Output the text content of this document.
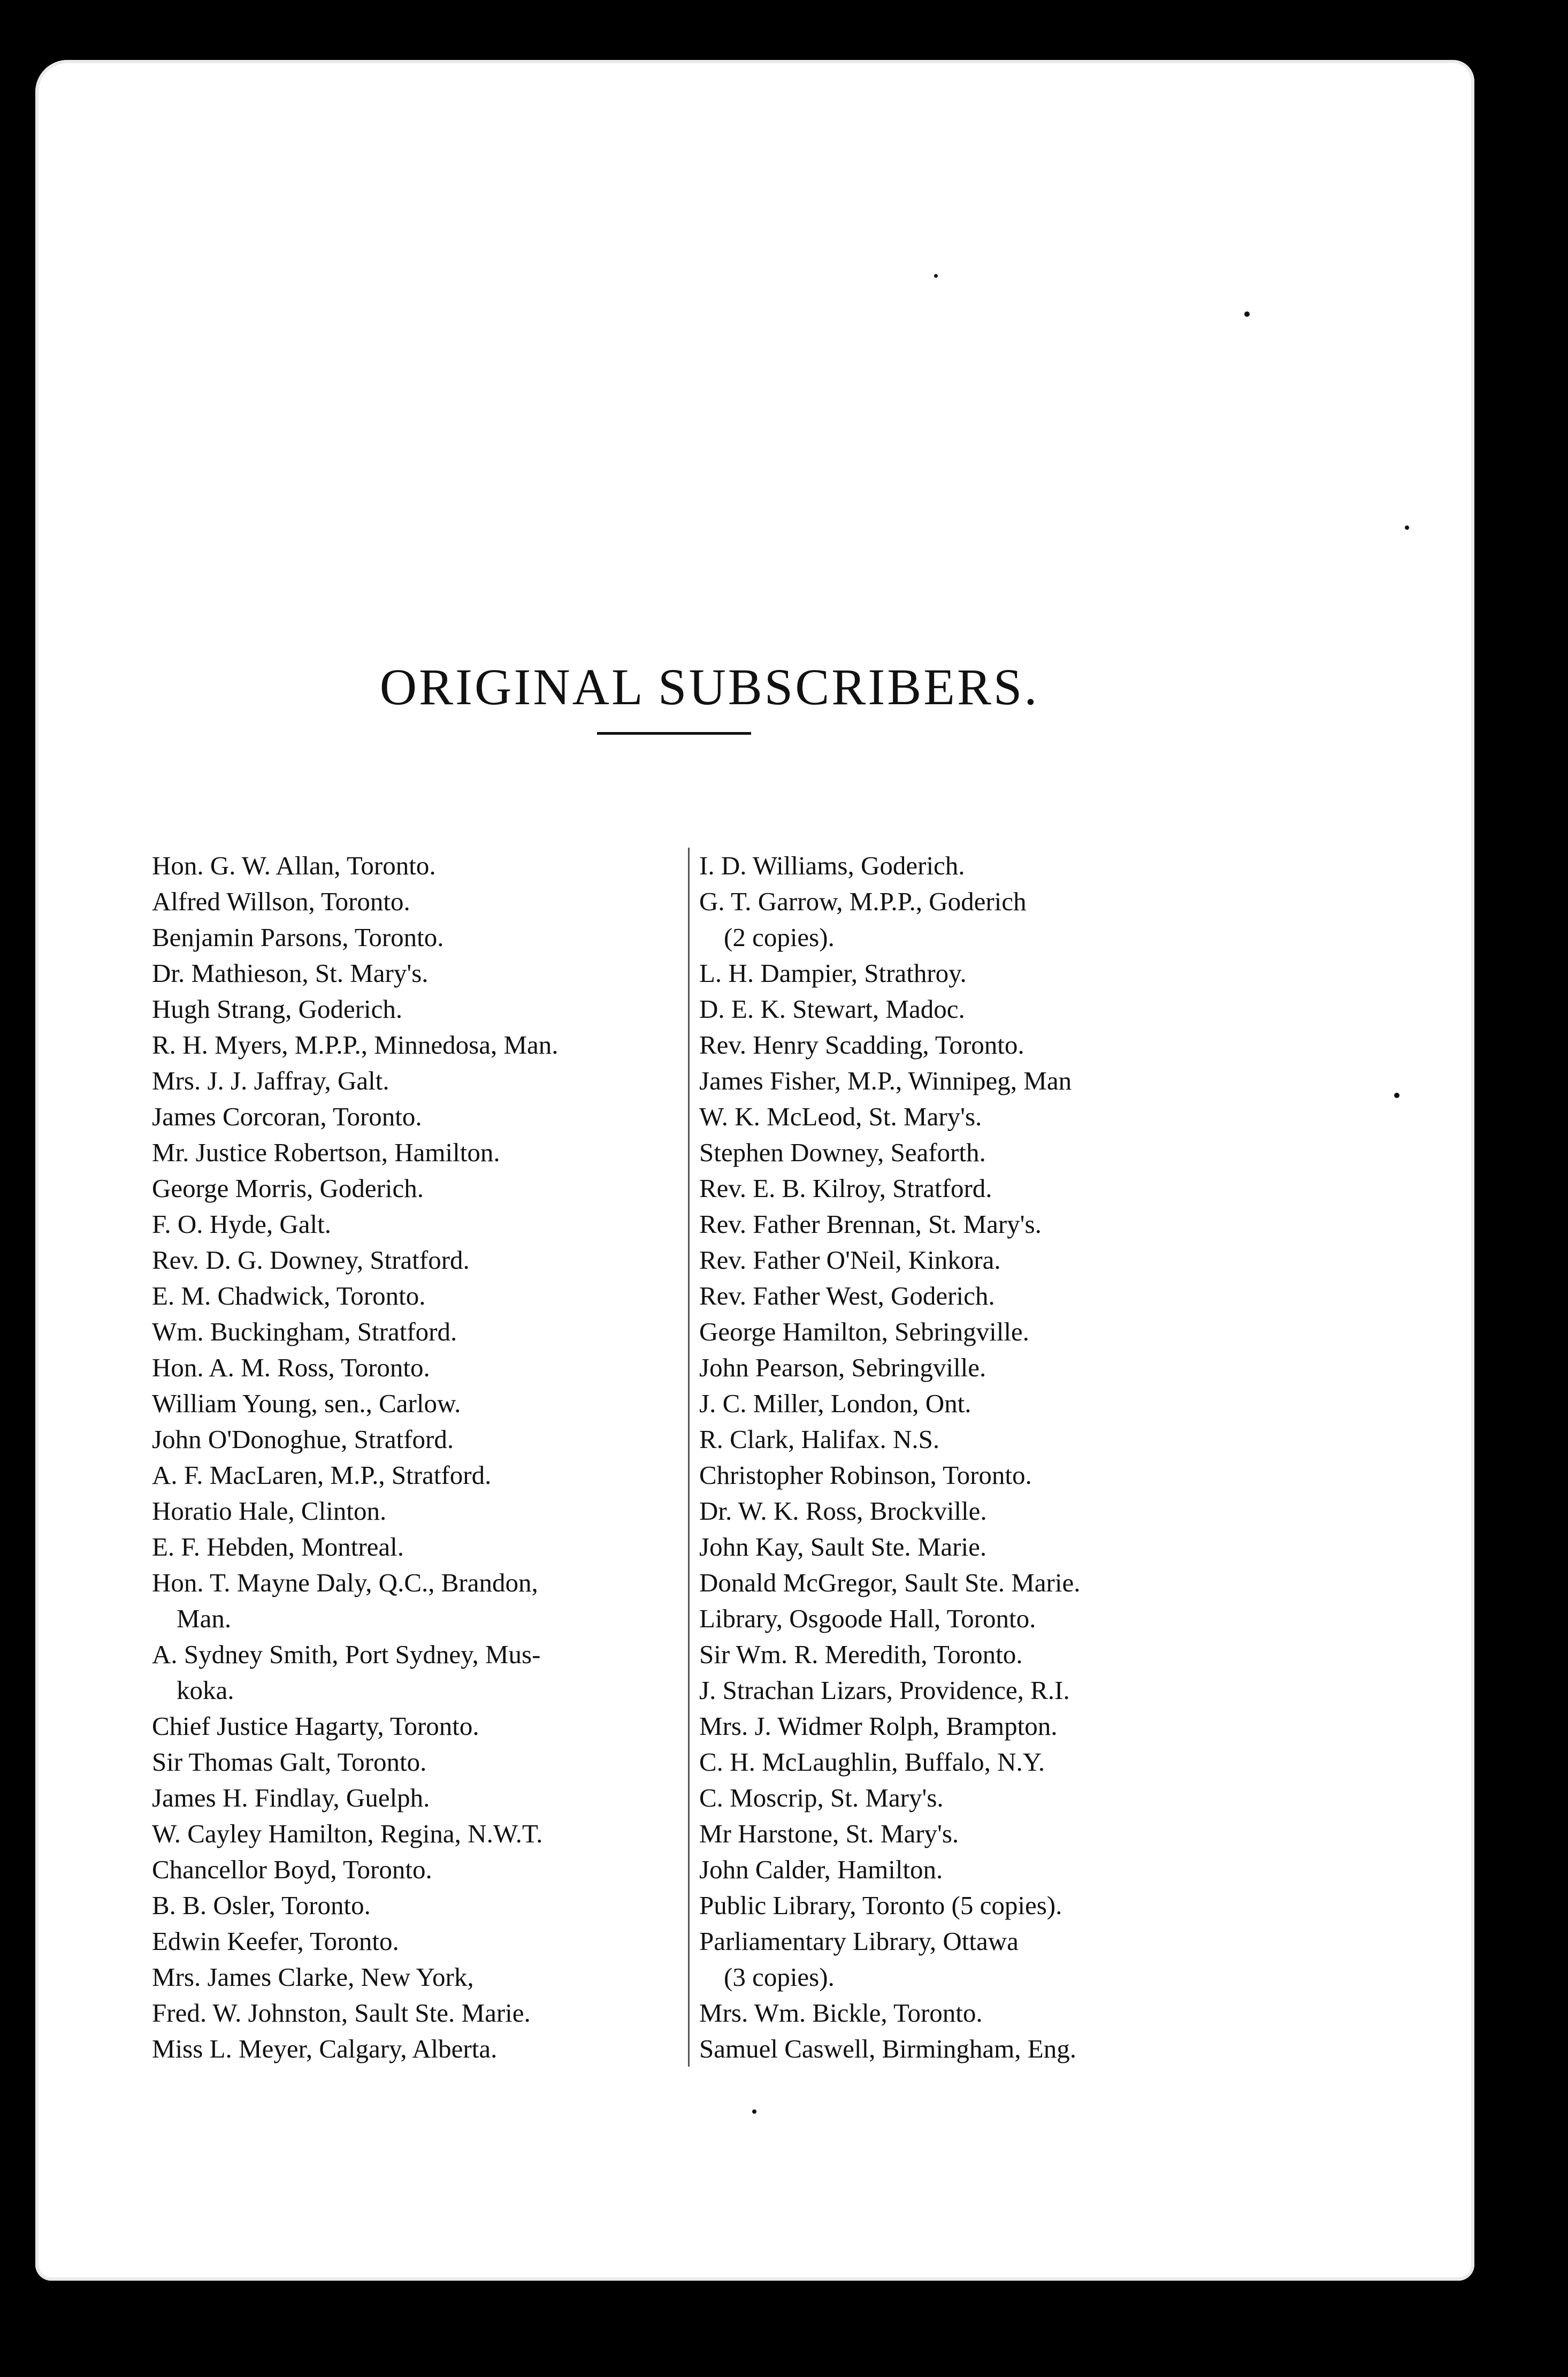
ORIGINAL SUBSCRIBERS.
Hon. G. W. Allan, Toronto.
Alfred Willson, Toronto.
Benjamin Parsons, Toronto.
Dr. Mathieson, St. Mary's.
Hugh Strang, Goderich.
R. H. Myers, M.P.P., Minnedosa, Man.
Mrs. J. J. Jaffray, Galt.
James Corcoran, Toronto.
Mr. Justice Robertson, Hamilton.
George Morris, Goderich.
F. O. Hyde, Galt.
Rev. D. G. Downey, Stratford.
E. M. Chadwick, Toronto.
Wm. Buckingham, Stratford.
Hon. A. M. Ross, Toronto.
William Young, sen., Carlow.
John O'Donoghue, Stratford.
A. F. MacLaren, M.P., Stratford.
Horatio Hale, Clinton.
E. F. Hebden, Montreal.
Hon. T. Mayne Daly, Q.C., Brandon,
Man.
A. Sydney Smith, Port Sydney, Mus-
koka.
Chief Justice Hagarty, Toronto.
Sir Thomas Galt, Toronto.
James H. Findlay, Guelph.
W. Cayley Hamilton, Regina, N.W.T.
Chancellor Boyd, Toronto.
B. B. Osler, Toronto.
Edwin Keefer, Toronto.
Mrs. James Clarke, New York,
Fred. W. Johnston, Sault Ste. Marie.
Miss L. Meyer, Calgary, Alberta.
I. D. Williams, Goderich.
G. T. Garrow, M.P.P., Goderich
(2 copies).
L. H. Dampier, Strathroy.
D. E. K. Stewart, Madoc.
Rev. Henry Scadding, Toronto.
James Fisher, M.P., Winnipeg, Man
W. K. McLeod, St. Mary's.
Stephen Downey, Seaforth.
Rev. E. B. Kilroy, Stratford.
Rev. Father Brennan, St. Mary's.
Rev. Father O'Neil, Kinkora.
Rev. Father West, Goderich.
George Hamilton, Sebringville.
John Pearson, Sebringville.
J. C. Miller, London, Ont.
R. Clark, Halifax. N.S.
Christopher Robinson, Toronto.
Dr. W. K. Ross, Brockville.
John Kay, Sault Ste. Marie.
Donald McGregor, Sault Ste. Marie.
Library, Osgoode Hall, Toronto.
Sir Wm. R. Meredith, Toronto.
J. Strachan Lizars, Providence, R.I.
Mrs. J. Widmer Rolph, Brampton.
C. H. McLaughlin, Buffalo, N.Y.
C. Moscrip, St. Mary's.
Mr Harstone, St. Mary's.
John Calder, Hamilton.
Public Library, Toronto (5 copies).
Parliamentary Library, Ottawa
(3 copies).
Mrs. Wm. Bickle, Toronto.
Samuel Caswell, Birmingham, Eng.
